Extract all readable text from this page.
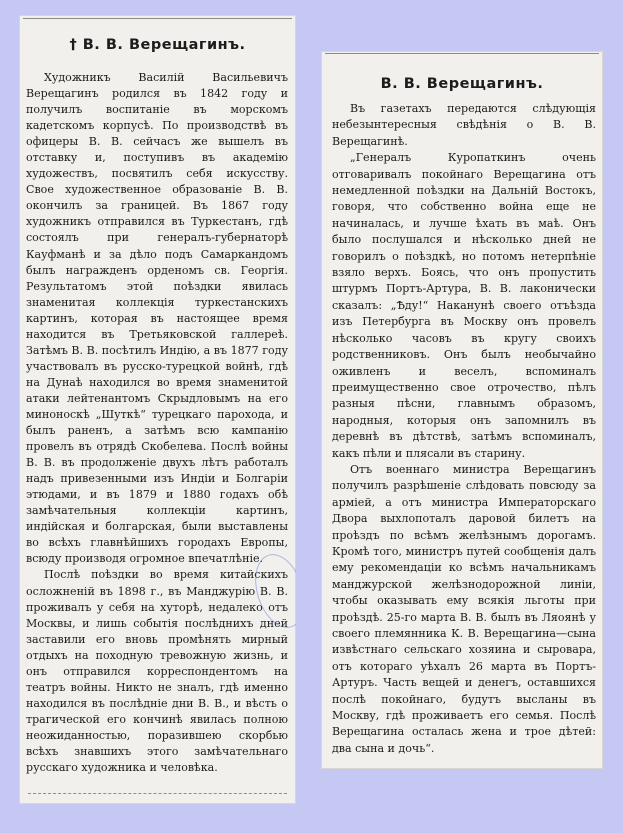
† В. В. Верещагинъ.

Художникъ Василій Васильевичъ Верещагинъ родился въ 1842 году и получилъ воспитаніе въ морскомъ кадетскомъ корпусѣ. По производствѣ въ офицеры В. В. сейчасъ же вышелъ въ отставку и, поступивъ въ академію художествъ, посвятилъ себя искусству. Свое художественное образованіе В. В. окончилъ за границей. Въ 1867 году художникъ отправился въ Туркестанъ, гдѣ состоялъ при генералъ-губернаторѣ Кауфманѣ и за дѣло подъ Самаркандомъ былъ награжденъ орденомъ св. Георгія. Результатомъ этой поѣздки явилась знаменитая коллекція туркестанскихъ картинъ, которая въ настоящее время находится въ Третьяковской галлереѣ. Затѣмъ В. В. посѣтилъ Индію, а въ 1877 году участвовалъ въ русско-турецкой войнѣ, гдѣ на Дунаѣ находился во время знаменитой атаки лейтенантомъ Скрыдловымъ на его миноноскѣ „Шуткѣ“ турецкаго парохода, и былъ раненъ, а затѣмъ всю кампанію провелъ въ отрядѣ Скобелева. Послѣ войны В. В. въ продолженіе двухъ лѣтъ работалъ надъ привезенными изъ Индіи и Болгаріи этюдами, и въ 1879 и 1880 годахъ обѣ замѣчательныя коллекціи картинъ, индійская и болгарская, были выставлены во всѣхъ главнѣйшихъ городахъ Европы, всюду производя огромное впечатлѣніе.

Послѣ поѣздки во время китайскихъ осложненій въ 1898 г., въ Манджурію В. В. проживалъ у себя на хуторѣ, недалеко отъ Москвы, и лишь событія послѣднихъ дней заставили его вновь промѣнять мирный отдыхъ на походную тревожную жизнь, и онъ отправился корреспондентомъ на театръ войны. Никто не зналъ, гдѣ именно находился въ послѣдніе дни В. В., и вѣсть о трагической его кончинѣ явилась полною неожиданностью, поразившею скорбью всѣхъ знавшихъ этого замѣчательнаго русскаго художника и человѣка.

В. В. Верещагинъ.

Въ газетахъ передаются слѣдующія небезынтересныя свѣдѣнія о В. В. Верещагинѣ.

„Генералъ Куропаткинъ очень отговаривалъ покойнаго Верещагина отъ немедленной поѣздки на Дальній Востокъ, говоря, что собственно война еще не начиналась, и лучше ѣхать въ маѣ. Онъ было послушался и нѣсколько дней не говорилъ о поѣздкѣ, но потомъ нетерпѣніе взяло верхъ. Боясь, что онъ пропустить штурмъ Портъ-Артура, В. В. лаконически сказалъ: „Ѣду!“ Наканунѣ своего отъѣзда изъ Петербурга въ Москву онъ провелъ нѣсколько часовъ въ кругу своихъ родственниковъ. Онъ былъ необычайно оживленъ и веселъ, вспоминалъ преимущественно свое отрочество, пѣлъ разныя пѣсни, главнымъ образомъ, народныя, которыя онъ запомнилъ въ деревнѣ въ дѣтствѣ, затѣмъ вспоминалъ, какъ пѣли и плясали въ старину.

Отъ военнаго министра Верещагинъ получилъ разрѣшеніе слѣдовать повсюду за арміей, а отъ министра Императорскаго Двора выхлопоталъ даровой билетъ на проѣздъ по всѣмъ желѣзнымъ дорогамъ. Кромѣ того, министръ путей сообщенія далъ ему рекомендаціи ко всѣмъ начальникамъ манджурской желѣзнодорожной линіи, чтобы оказывать ему всякія льготы при проѣздѣ. 25-го марта В. В. былъ въ Ляоянѣ у своего племянника К. В. Верещагина—сына извѣстнаго сельскаго хозяина и сыровара, отъ котораго уѣхалъ 26 марта въ Портъ-Артуръ. Часть вещей и денегъ, оставшихся послѣ покойнаго, будутъ высланы въ Москву, гдѣ проживаетъ его семья. Послѣ Верещагина осталась жена и трое дѣтей: два сына и дочь“.
